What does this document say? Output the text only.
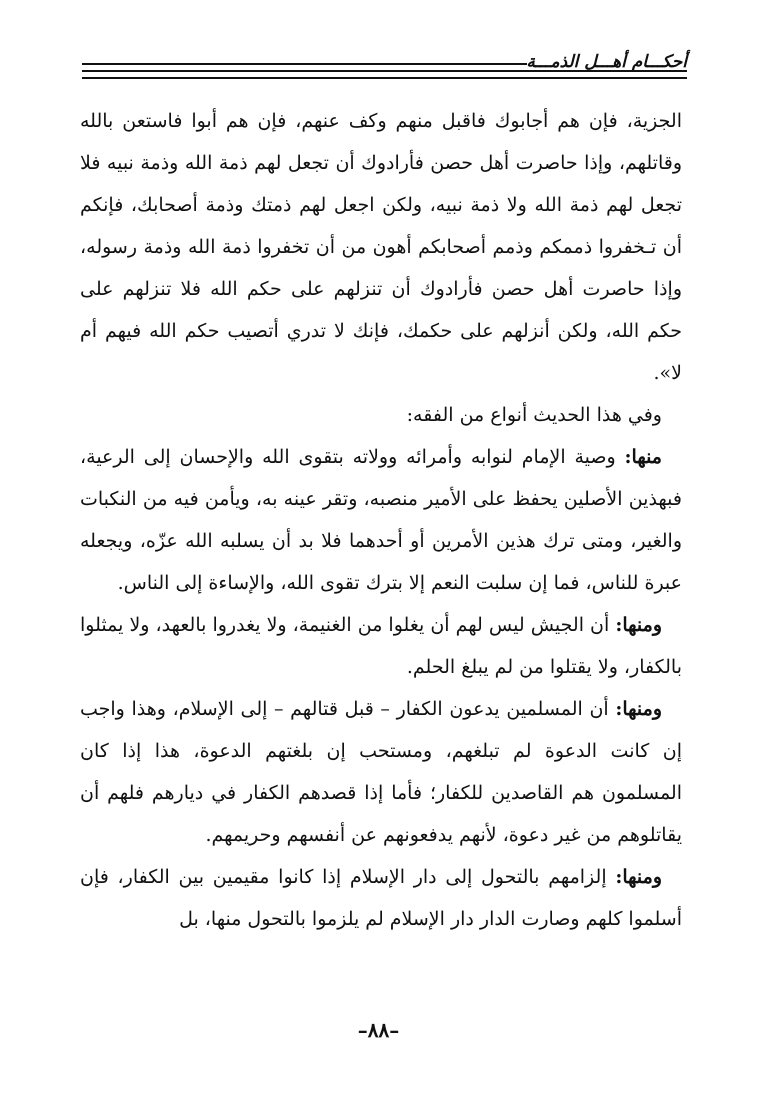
أحكـــام أهـــل الذمـــة

الجزية، فإن هم أجابوك فاقبل منهم وكف عنهم، فإن هم أبوا فاستعن بالله وقاتلهم، وإذا حاصرت أهل حصن فأرادوك أن تجعل لهم ذمة الله وذمة نبيه فلا تجعل لهم ذمة الله ولا ذمة نبيه، ولكن اجعل لهم ذمتك وذمة أصحابك، فإنكم أن تـخفروا ذممكم وذمم أصحابكم أهون من أن تخفروا ذمة الله وذمة رسوله، وإذا حاصرت أهل حصن فأرادوك أن تنزلهم على حكم الله فلا تنزلهم على حكم الله، ولكن أنزلهم على حكمك، فإنك لا تدري أتصيب حكم الله فيهم أم لا».

وفي هذا الحديث أنواع من الفقه:

منها: وصية الإمام لنوابه وأمرائه وولاته بتقوى الله والإحسان إلى الرعية، فبهذين الأصلين يحفظ على الأمير منصبه، وتقر عينه به، ويأمن فيه من النكبات والغير، ومتى ترك هذين الأمرين أو أحدهما فلا بد أن يسلبه الله عزّه، ويجعله عبرة للناس، فما إن سلبت النعم إلا بترك تقوى الله، والإساءة إلى الناس.

ومنها: أن الجيش ليس لهم أن يغلوا من الغنيمة، ولا يغدروا بالعهد، ولا يمثلوا بالكفار، ولا يقتلوا من لم يبلغ الحلم.

ومنها: أن المسلمين يدعون الكفار – قبل قتالهم – إلى الإسلام، وهذا واجب إن كانت الدعوة لم تبلغهم، ومستحب إن بلغتهم الدعوة، هذا إذا كان المسلمون هم القاصدين للكفار؛ فأما إذا قصدهم الكفار في ديارهم فلهم أن يقاتلوهم من غير دعوة، لأنهم يدفعونهم عن أنفسهم وحريمهم.

ومنها: إلزامهم بالتحول إلى دار الإسلام إذا كانوا مقيمين بين الكفار، فإن أسلموا كلهم وصارت الدار دار الإسلام لم يلزموا بالتحول منها، بل

–٨٨–
